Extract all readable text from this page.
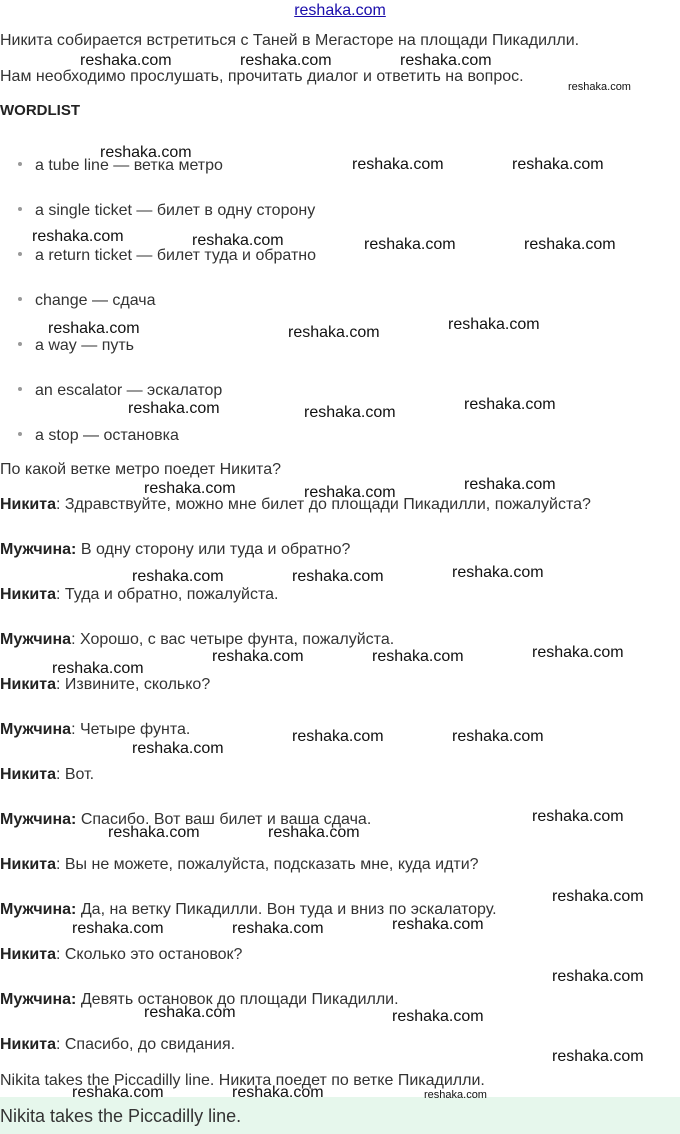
reshaka.com
Никита собирается встретиться с Таней в Мегасторе на площади Пикадилли.
Нам необходимо прослушать, прочитать диалог и ответить на вопрос.
WORDLIST
a tube line — ветка метро
a single ticket — билет в одну сторону
a return ticket — билет туда и обратно
change — сдача
a way — путь
an escalator — эскалатор
a stop — остановка
По какой ветке метро поедет Никита?
Никита: Здравствуйте, можно мне билет до площади Пикадилли, пожалуйста?
Мужчина: В одну сторону или туда и обратно?
Никита: Туда и обратно, пожалуйста.
Мужчина: Хорошо, с вас четыре фунта, пожалуйста.
Никита: Извините, сколько?
Мужчина: Четыре фунта.
Никита: Вот.
Мужчина: Спасибо. Вот ваш билет и ваша сдача.
Никита: Вы не можете, пожалуйста, подсказать мне, куда идти?
Мужчина: Да, на ветку Пикадилли. Вон туда и вниз по эскалатору.
Никита: Сколько это остановок?
Мужчина: Девять остановок до площади Пикадилли.
Никита: Спасибо, до свидания.
Nikita takes the Piccadilly line. Никита поедет по ветке Пикадилли.
Nikita takes the Piccadilly line.
reshaka.com	reshaka.com	reshaka.com
reshaka.com
reshaka.com
reshaka.com	reshaka.com
reshaka.com	reshaka.com	reshaka.com	reshaka.com
reshaka.com	reshaka.com	reshaka.com
reshaka.com	reshaka.com	reshaka.com
reshaka.com	reshaka.com	reshaka.com
reshaka.com	reshaka.com	reshaka.com
reshaka.com
reshaka.com	reshaka.com	reshaka.com
reshaka.com
reshaka.com	reshaka.com
reshaka.com
reshaka.com	reshaka.com
reshaka.com
reshaka.com	reshaka.com	reshaka.com
reshaka.com
reshaka.com	reshaka.com
reshaka.com
reshaka.com	reshaka.com	reshaka.com
